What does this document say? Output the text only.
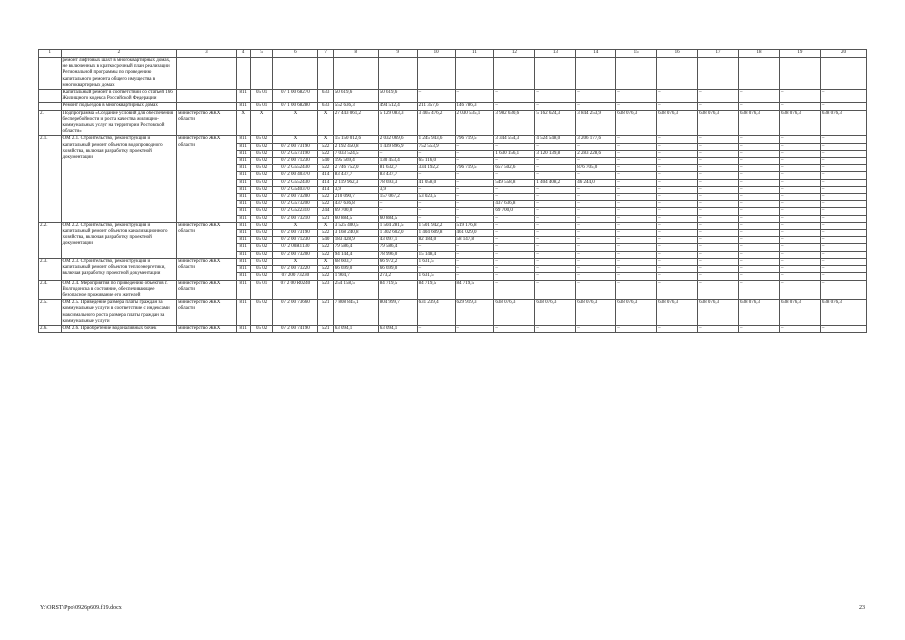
1	2	3	4	5	6	7	8	9	10	11	12	13	14	15	16	17	18	19	20
	ремонт лифтовых шахт в многоквартирных домах, не включенных в краткосрочный план реализации Региональной программы по проведению капитального ремонта общего имущества в многоквартирных домах																		
	Капитальный ремонт в соответствии со статьей 166 Жилищного кодекса Российской Федерации		811	05 01	07 1 00 68270	633	50 619,6	50 619,6	–	–	–	–	–	–	–	–	–	–	–
	Ремонт подъездов в многоквартирных домах		811	05 01	07 1 00 68280	633	552 636,3	494 512,4	211 357,6	146 786,3	–	–	–	–	–	–	–	–	–
2.	Подпрограмма «Создание условий для обеспечения бесперебойности и роста качества жилищно-коммунальных услуг на территории Ростовской области»	министерство ЖКХ области	X	X	X	X	27 443 061,2	5 129 083,3	3 465 476,2	2 030 535,1	3 982 630,6	5 162 624,3	3 844 253,9	638 076,3	638 076,3	638 076,3	638 076,3	638 076,3	638 076,3
2.1.	ОМ 2.1. Строительство, реконструкция и капитальный ремонт объектов водопроводного хозяйства, включая разработку проектной документации	министерство ЖКХ области	811	05 02	X	X	15 150 012,6	2 032 069,6	1 245 943,6	796 719,5	3 344 554,3	4 524 548,0	3 206 177,6	–	–	–	–	–	–
			811	05 02	07 2 00 73190	522	2 192 450,8	1 439 896,9	752 553,9	–	–	–	–	–	–	–	–	–	–
			811	05 02	07 2 G573190	522	7 033 524,5	–	–	–	1 630 156,1	3 120 139,8	2 283 228,6	–	–	–	–	–	–
			811	05 02	07 2 00 71230	540	195 569,4	130 453,4	65 116,0	–	–	–	–	–	–	–	–	–	–
			811	05 02	07 2 G552430	522	2 746 752,0	81 632,7	334 192,2	796 719,5	657 502,6	–	876 705,0	–	–	–	–	–	–
			811	05 02	07 2 00 40370	414	83 437,7	83 437,7	–	–	–	–	–	–	–	–	–	–	–
			811	05 02	07 2 G552430	414	2 119 962,3	78 693,3	41 058,0	–	549 558,8	1 404 408,2	46 244,0	–	–	–	–	–	–
			811	05 02	07 2 G540370	414	3,9	3,9	–	–	–	–	–	–	–	–	–	–	–
			811	05 02	07 2 00 73200	522	210 090,7	157 067,2	53 023,5	–	–	–	–	–	–	–	–	–	–
			811	05 02	07 2 G573200	522	437 636,8	–	–	–	437 636,8	–	–	–	–	–	–	–	–
			811	05 02	07 2 G522310	244	69 700,0	–	–	–	69 700,0	–	–	–	–	–	–	–	–
			811	05 02	07 2 00 73210	521	60 884,5	60 884,5	–	–	–	–	–	–	–	–	–	–	–
2.2.	ОМ 2.2. Строительство, реконструкция и капитальный ремонт объектов канализационного хозяйства, включая разработку проектной документации	министерство ЖКХ области	811	05 02	X	X	3 525 400,5	1 504 281,5	1 501 942,2	519 176,8	–	–	–	–	–	–	–	–	–
			811	05 02	07 2 00 73190	522	3 168 240,8	1 302 602,0	1 404 609,8	461 029,0	–	–	–	–	–	–	–	–	–
			811	05 02	07 2 00 71230	540	183 428,9	43 097,1	82 184,0	58 147,8	–	–	–	–	–	–	–	–	–
			811	05 02	07 2 00R1130	522	79 586,4	79 586,4	–	–	–	–	–	–	–	–	–	–	–
			811	05 02	07 2 00 73200	522	94 144,4	78 996,0	15 148,4	–	–	–	–	–	–	–	–	–	–
2.3.	ОМ 2.3. Строительство, реконструкция и капитальный ремонт объектов теплоэнергетики, включая разработку проектной документации	министерство ЖКХ области	811	05 02	X	X	68 603,7	66 972,2	1 631,5	–	–	–	–	–	–	–	–	–	–
			811	05 02	07 2 00 73220	522	66 699,0	66 699,0	–	–	–	–	–	–	–	–	–	–	–
			811	05 02	07 200 73230	522	1 904,7	273,2	1 631,5	–	–	–	–	–	–	–	–	–	–
2.4.	ОМ 2.4. Мероприятия по приведению объектов г. Волгодонска в состояние, обеспечивающее безопасное проживание его жителей	министерство ЖКХ области	811	05 01	07 2 00 R0240	523	254 158,5	84 719,5	84 719,5	84 719,5	–	–	–	–	–	–	–	–	–
2.5.	ОМ 2.5. Приведение размера платы граждан за коммунальные услуги в соответствие с индексами максимального роста размера платы граждан за коммунальные услуги	министерство ЖКХ области	811	05 02	07 2 00 73660	521	7 808 845,1	804 999,7	631 239,4	629 919,3	638 076,3	638 076,3	638 076,3	638 076,3	638 076,3	638 076,3	638 076,3	638 076,3	638 076,3
2.6.	ОМ 2.6. Приобретение водоналивных бочек	министерство ЖКХ	811	05 02	07 2 00 74190	521	63 094,1	63 094,1	–	–	–	–	–	–	–	–	–	–	–
Y:\ORST\Ppo\0926p609.f19.docx	23
